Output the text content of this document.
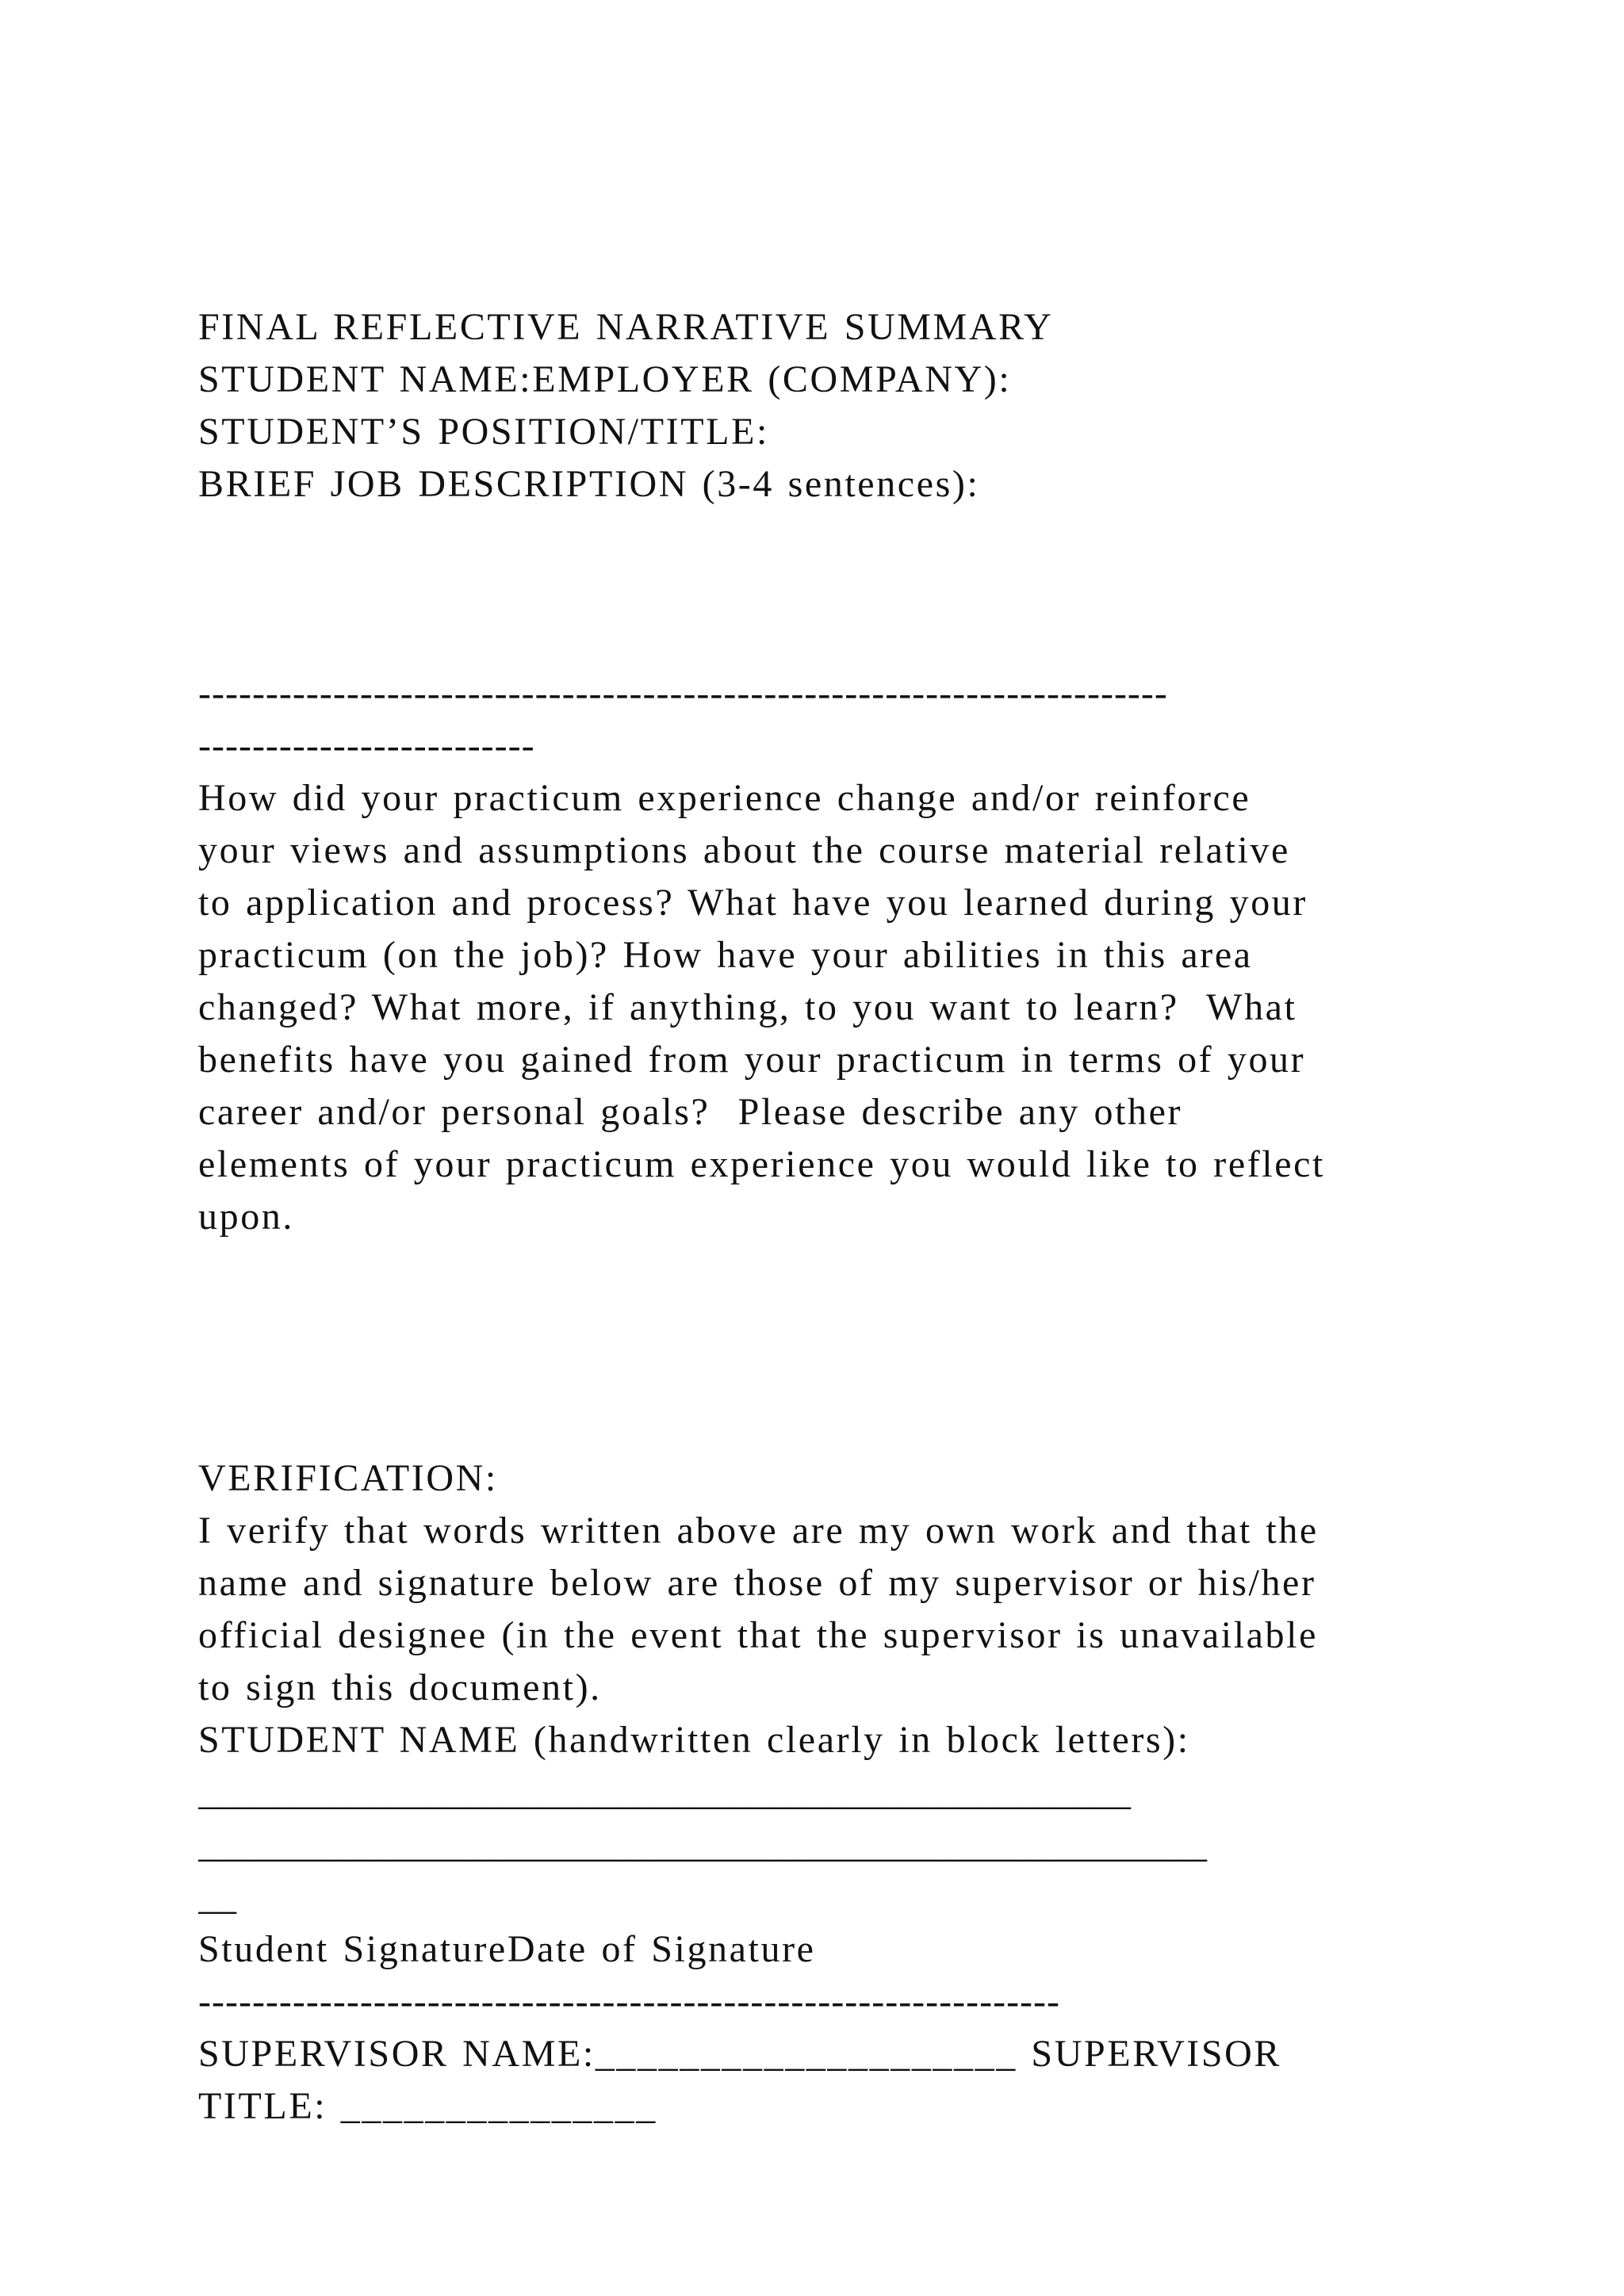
FINAL REFLECTIVE NARRATIVE SUMMARY
STUDENT NAME:EMPLOYER (COMPANY):
STUDENT’S POSITION/TITLE:
BRIEF JOB DESCRIPTION (3-4 sentences):
------------------------------------------------------------------------
-------------------------
How did your practicum experience change and/or reinforce
your views and assumptions about the course material relative
to application and process? What have you learned during your
practicum (on the job)? How have your abilities in this area
changed? What more, if anything, to you want to learn?  What
benefits have you gained from your practicum in terms of your
career and/or personal goals?  Please describe any other
elements of your practicum experience you would like to reflect
upon.
VERIFICATION:
I verify that words written above are my own work and that the
name and signature below are those of my supervisor or his/her
official designee (in the event that the supervisor is unavailable
to sign this document).
STUDENT NAME (handwritten clearly in block letters):
_________________________________________________
_____________________________________________________
__
Student SignatureDate of Signature
----------------------------------------------------------------
SUPERVISOR NAME:____________________ SUPERVISOR
TITLE: _______________
